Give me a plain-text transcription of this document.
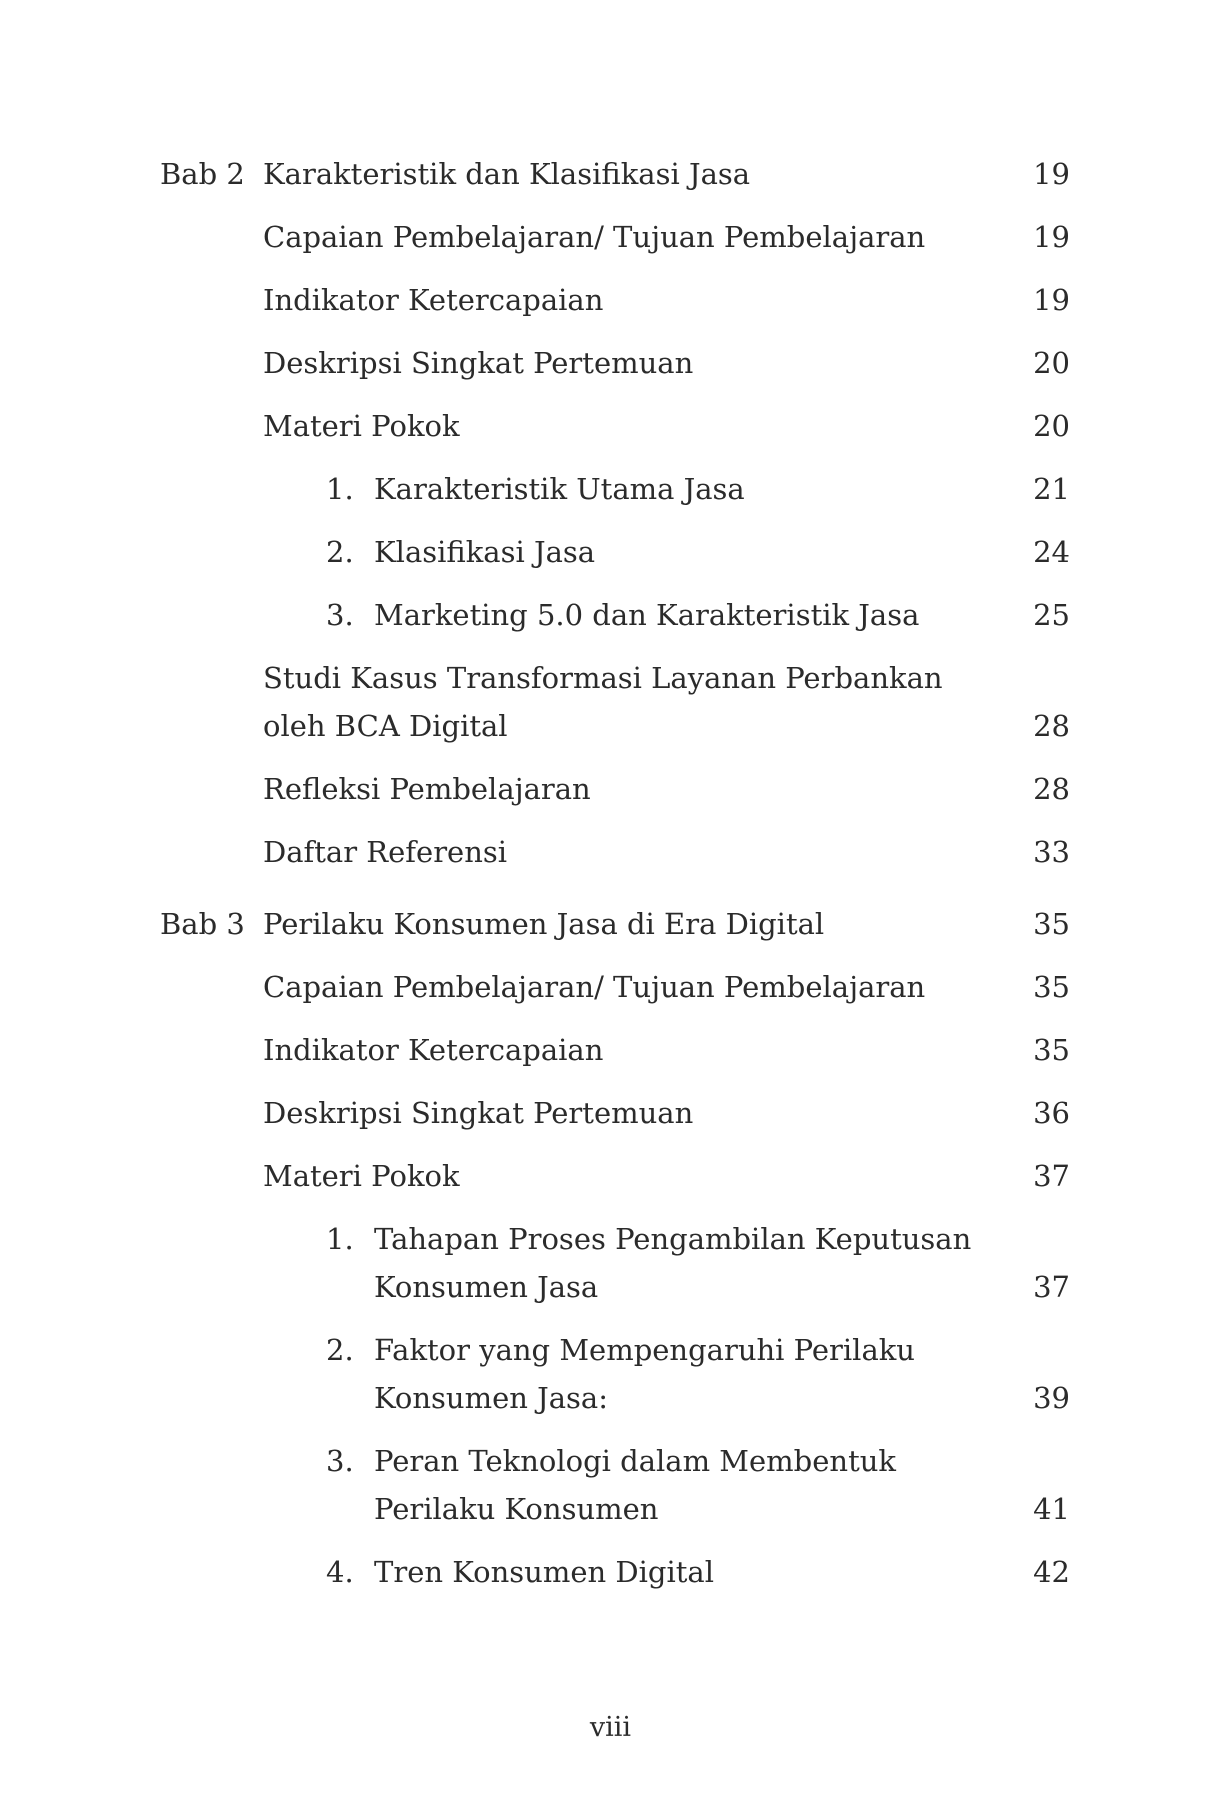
Bab 2 Karakteristik dan Klasifikasi Jasa	19
Capaian Pembelajaran/ Tujuan Pembelajaran	19
Indikator Ketercapaian	19
Deskripsi Singkat Pertemuan	20
Materi Pokok	20
1. Karakteristik Utama Jasa	21
2. Klasifikasi Jasa	24
3. Marketing 5.0 dan Karakteristik Jasa	25
Studi Kasus Transformasi Layanan Perbankan oleh BCA Digital	28
Refleksi Pembelajaran	28
Daftar Referensi	33
Bab 3 Perilaku Konsumen Jasa di Era Digital	35
Capaian Pembelajaran/ Tujuan Pembelajaran	35
Indikator Ketercapaian	35
Deskripsi Singkat Pertemuan	36
Materi Pokok	37
1. Tahapan Proses Pengambilan Keputusan Konsumen Jasa	37
2. Faktor yang Mempengaruhi Perilaku Konsumen Jasa:	39
3. Peran Teknologi dalam Membentuk Perilaku Konsumen	41
4. Tren Konsumen Digital	42
viii
